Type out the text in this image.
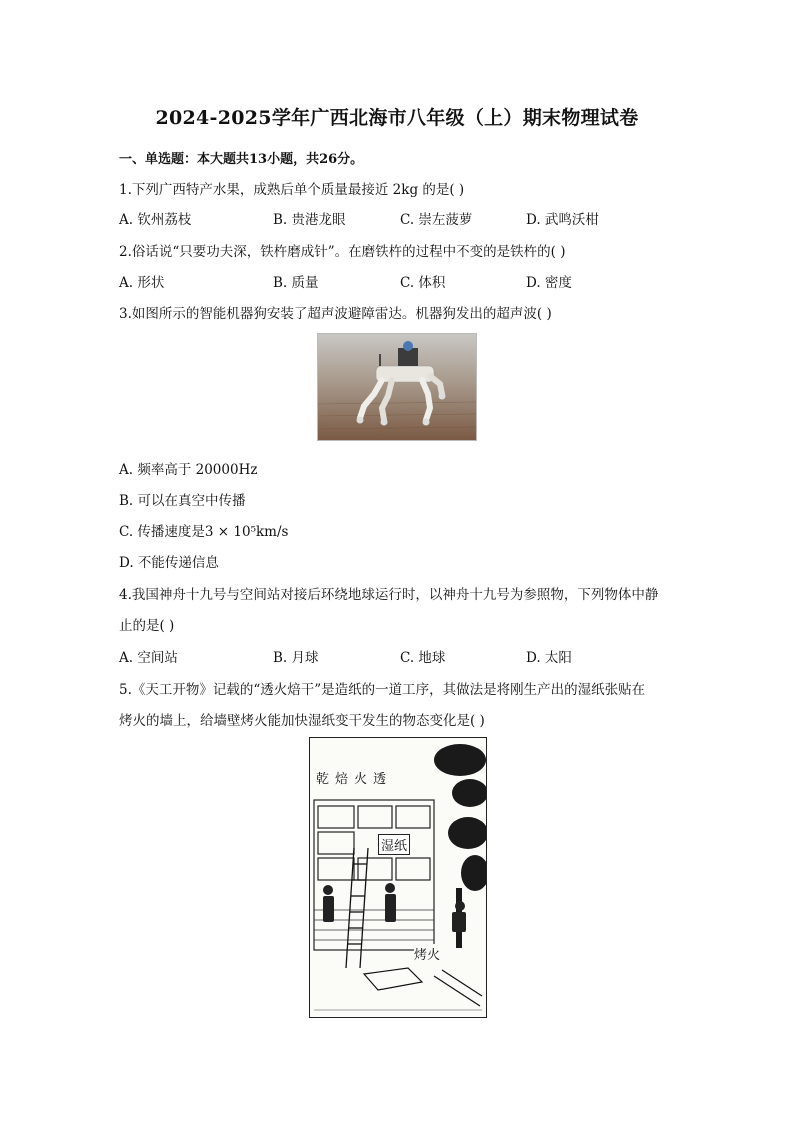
2024-2025学年广西北海市八年级（上）期末物理试卷
一、单选题：本大题共13小题，共26分。
1.下列广西特产水果，成熟后单个质量最接近 2kg 的是( )
A. 钦州荔枝	B. 贵港龙眼	C. 崇左菠萝	D. 武鸣沃柑
2.俗话说“只要功夫深，铁杵磨成针”。在磨铁杵的过程中不变的是铁杵的( )
A. 形状	B. 质量	C. 体积	D. 密度
3.如图所示的智能机器狗安装了超声波避障雷达。机器狗发出的超声波( )
A. 频率高于 20000Hz
B. 可以在真空中传播
C. 传播速度是3 × 10⁵km/s
D. 不能传递信息
4.我国神舟十九号与空间站对接后环绕地球运行时，以神舟十九号为参照物，下列物体中静
止的是( )
A. 空间站	B. 月球	C. 地球	D. 太阳
5.《天工开物》记载的“透火焙干”是造纸的一道工序，其做法是将刚生产出的湿纸张贴在
烤火的墙上，给墙壁烤火能加快湿纸变干发生的物态变化是( )
乾焙火透
湿纸
烤火
